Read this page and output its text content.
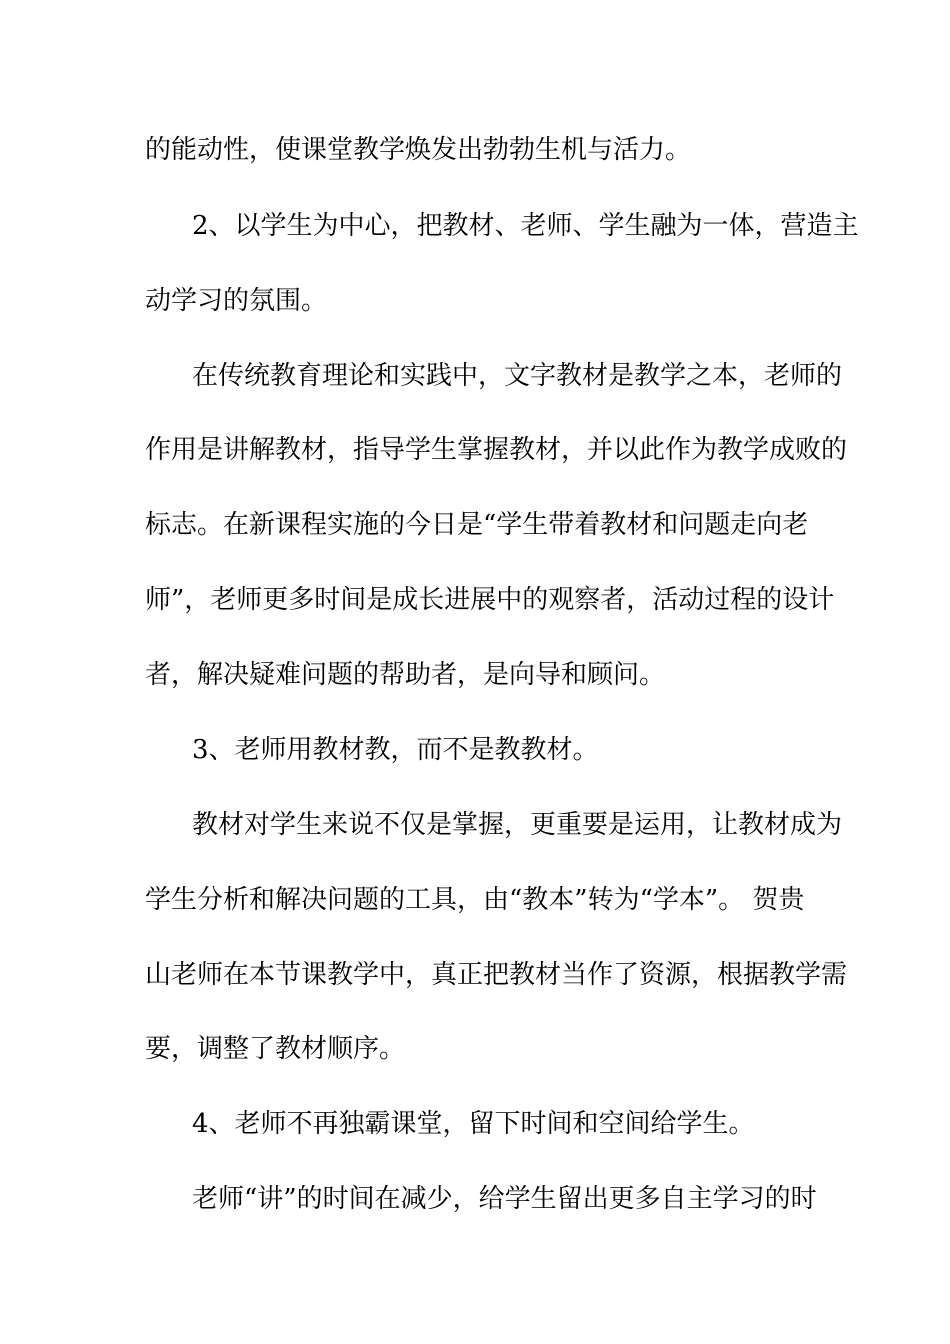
的能动性，使课堂教学焕发出勃勃生机与活力。
2、以学生为中心，把教材、老师、学生融为一体，营造主
动学习的氛围。
在传统教育理论和实践中，文字教材是教学之本，老师的
作用是讲解教材，指导学生掌握教材，并以此作为教学成败的
标志。在新课程实施的今日是“学生带着教材和问题走向老
师”，老师更多时间是成长进展中的观察者，活动过程的设计
者，解决疑难问题的帮助者，是向导和顾问。
3、老师用教材教，而不是教教材。
教材对学生来说不仅是掌握，更重要是运用，让教材成为
学生分析和解决问题的工具，由“教本”转为“学本”。 贺贵
山老师在本节课教学中，真正把教材当作了资源，根据教学需
要，调整了教材顺序。
4、老师不再独霸课堂，留下时间和空间给学生。
老师“讲”的时间在减少，给学生留出更多自主学习的时
